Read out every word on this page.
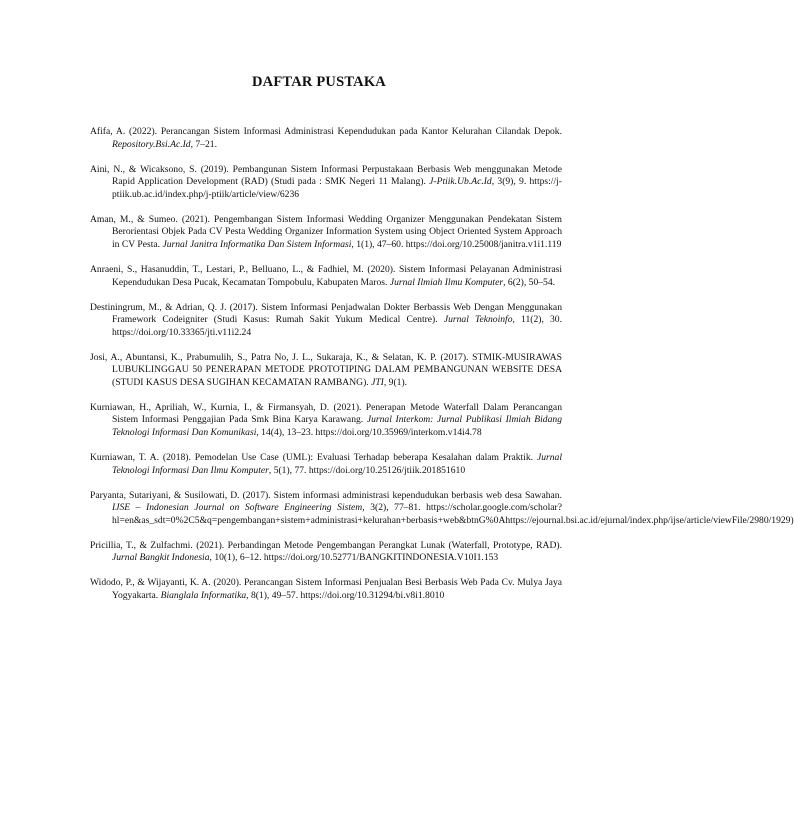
DAFTAR PUSTAKA

Afifa, A. (2022). Perancangan Sistem Informasi Administrasi Kependudukan pada Kantor Kelurahan Cilandak Depok. Repository.Bsi.Ac.Id, 7–21.

Aini, N., & Wicaksono, S. (2019). Pembangunan Sistem Informasi Perpustakaan Berbasis Web menggunakan Metode Rapid Application Development (RAD) (Studi pada : SMK Negeri 11 Malang). J-Ptiik.Ub.Ac.Id, 3(9), 9. https://j-ptiik.ub.ac.id/index.php/j-ptiik/article/view/6236

Aman, M., & Sumeo. (2021). Pengembangan Sistem Informasi Wedding Organizer Menggunakan Pendekatan Sistem Berorientasi Objek Pada CV Pesta Wedding Organizer Information System using Object Oriented System Approach in CV Pesta. Jurnal Janitra Informatika Dan Sistem Informasi, 1(1), 47–60. https://doi.org/10.25008/janitra.v1i1.119

Anraeni, S., Hasanuddin, T., Lestari, P., Belluano, L., & Fadhiel, M. (2020). Sistem Informasi Pelayanan Administrasi Kependudukan Desa Pucak, Kecamatan Tompobulu, Kabupaten Maros. Jurnal Ilmiah Ilmu Komputer, 6(2), 50–54.

Destiningrum, M., & Adrian, Q. J. (2017). Sistem Informasi Penjadwalan Dokter Berbassis Web Dengan Menggunakan Framework Codeigniter (Studi Kasus: Rumah Sakit Yukum Medical Centre). Jurnal Teknoinfo, 11(2), 30. https://doi.org/10.33365/jti.v11i2.24

Josi, A., Abuntansi, K., Prabumulih, S., Patra No, J. L., Sukaraja, K., & Selatan, K. P. (2017). STMIK-MUSIRAWAS LUBUKLINGGAU 50 PENERAPAN METODE PROTOTIPING DALAM PEMBANGUNAN WEBSITE DESA (STUDI KASUS DESA SUGIHAN KECAMATAN RAMBANG). JTI, 9(1).

Kurniawan, H., Apriliah, W., Kurnia, I., & Firmansyah, D. (2021). Penerapan Metode Waterfall Dalam Perancangan Sistem Informasi Penggajian Pada Smk Bina Karya Karawang. Jurnal Interkom: Jurnal Publikasi Ilmiah Bidang Teknologi Informasi Dan Komunikasi, 14(4), 13–23. https://doi.org/10.35969/interkom.v14i4.78

Kurniawan, T. A. (2018). Pemodelan Use Case (UML): Evaluasi Terhadap beberapa Kesalahan dalam Praktik. Jurnal Teknologi Informasi Dan Ilmu Komputer, 5(1), 77. https://doi.org/10.25126/jtiik.201851610

Paryanta, Sutariyani, & Susilowati, D. (2017). Sistem informasi administrasi kependudukan berbasis web desa Sawahan. IJSE – Indonesian Journal on Software Engineering Sistem, 3(2), 77–81. https://scholar.google.com/scholar?hl=en&as_sdt=0%2C5&q=pengembangan+sistem+administrasi+kelurahan+berbasis+web&btnG%0Ahttps://ejournal.bsi.ac.id/ejurnal/index.php/ijse/article/viewFile/2980/1929)

Pricillia, T., & Zulfachmi. (2021). Perbandingan Metode Pengembangan Perangkat Lunak (Waterfall, Prototype, RAD). Jurnal Bangkit Indonesia, 10(1), 6–12. https://doi.org/10.52771/BANGKITINDONESIA.V10I1.153

Widodo, P., & Wijayanti, K. A. (2020). Perancangan Sistem Informasi Penjualan Besi Berbasis Web Pada Cv. Mulya Jaya Yogyakarta. Bianglala Informatika, 8(1), 49–57. https://doi.org/10.31294/bi.v8i1.8010
